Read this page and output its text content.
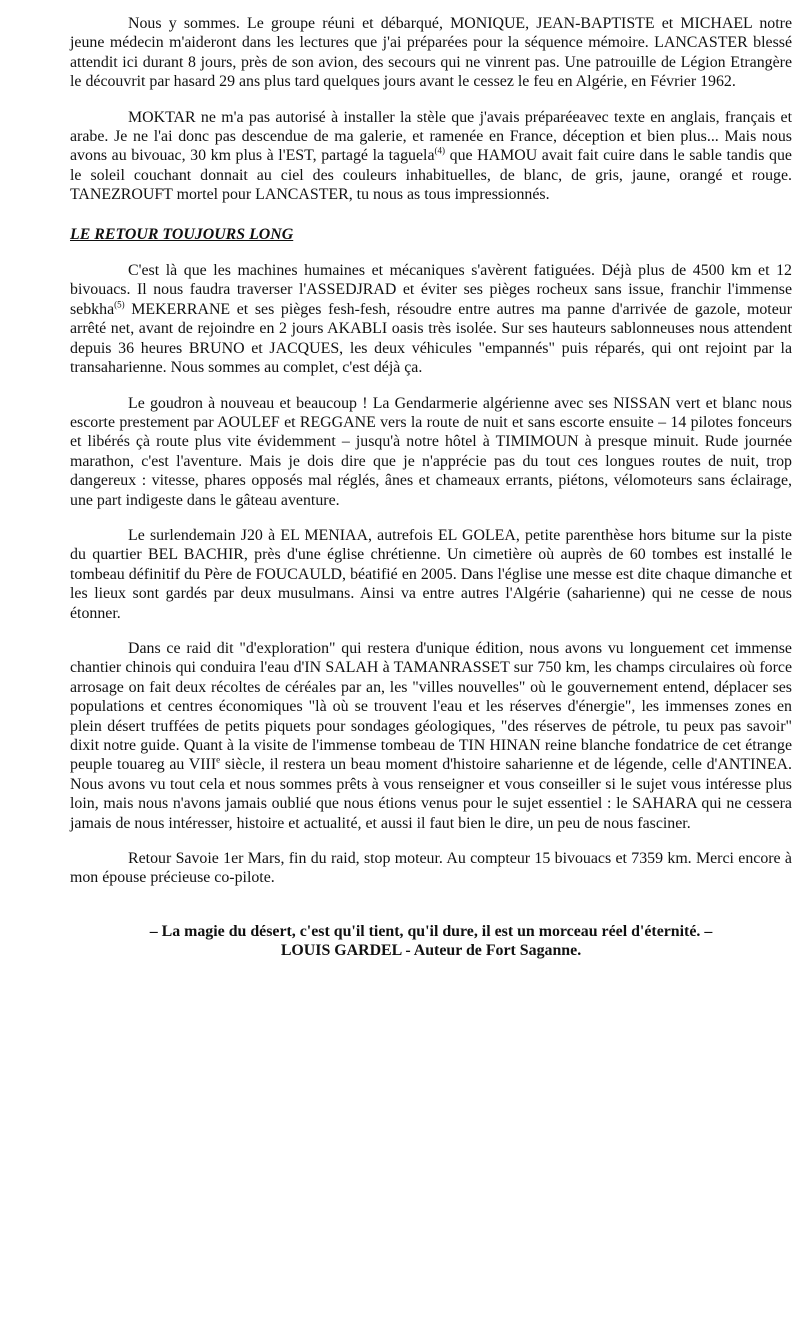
Nous y sommes. Le groupe réuni et débarqué, MONIQUE, JEAN-BAPTISTE et MICHAEL notre jeune médecin m'aideront dans les lectures que j'ai préparées pour la séquence mémoire. LANCASTER blessé attendit ici durant 8 jours, près de son avion, des secours qui ne vinrent pas. Une patrouille de Légion Etrangère le découvrit par hasard 29 ans plus tard quelques jours avant le cessez le feu en Algérie, en Février 1962.

MOKTAR ne m'a pas autorisé à installer la stèle que j'avais préparéeavec texte en anglais, français et arabe. Je ne l'ai donc pas descendue de ma galerie, et ramenée en France, déception et bien plus... Mais nous avons au bivouac, 30 km plus à l'EST, partagé la taguela$^{(4)}$ que HAMOU avait fait cuire dans le sable tandis que le soleil couchant donnait au ciel des couleurs inhabituelles, de blanc, de gris, jaune, orangé et rouge. TANEZROUFT mortel pour LANCASTER, tu nous as tous impressionnés.

LE RETOUR TOUJOURS LONG

C'est là que les machines humaines et mécaniques s'avèrent fatiguées. Déjà plus de 4500 km et 12 bivouacs. Il nous faudra traverser l'ASSEDJRAD et éviter ses pièges rocheux sans issue, franchir l'immense sebkha$^{(5)}$ MEKERRANE et ses pièges fesh-fesh, résoudre entre autres ma panne d'arrivée de gazole, moteur arrêté net, avant de rejoindre en 2 jours AKABLI oasis très isolée. Sur ses hauteurs sablonneuses nous attendent depuis 36 heures BRUNO et JACQUES, les deux véhicules "empannés" puis réparés, qui ont rejoint par la transaharienne. Nous sommes au complet, c'est déjà ça.

Le goudron à nouveau et beaucoup ! La Gendarmerie algérienne avec ses NISSAN vert et blanc nous escorte prestement par AOULEF et REGGANE vers la route de nuit et sans escorte ensuite – 14 pilotes fonceurs et libérés çà route plus vite évidemment – jusqu'à notre hôtel à TIMIMOUN à presque minuit. Rude journée marathon, c'est l'aventure. Mais je dois dire que je n'apprécie pas du tout ces longues routes de nuit, trop dangereux : vitesse, phares opposés mal réglés, ânes et chameaux errants, piétons, vélomoteurs sans éclairage, une part indigeste dans le gâteau aventure.

Le surlendemain J20 à EL MENIAA, autrefois EL GOLEA, petite parenthèse hors bitume sur la piste du quartier BEL BACHIR, près d'une église chrétienne. Un cimetière où auprès de 60 tombes est installé le tombeau définitif du Père de FOUCAULD, béatifié en 2005. Dans l'église une messe est dite chaque dimanche et les lieux sont gardés par deux musulmans. Ainsi va entre autres l'Algérie (saharienne) qui ne cesse de nous étonner.

Dans ce raid dit "d'exploration" qui restera d'unique édition, nous avons vu longuement cet immense chantier chinois qui conduira l'eau d'IN SALAH à TAMANRASSET sur 750 km, les champs circulaires où force arrosage on fait deux récoltes de céréales par an, les "villes nouvelles" où le gouvernement entend, déplacer ses populations et centres économiques "là où se trouvent l'eau et les réserves d'énergie", les immenses zones en plein désert truffées de petits piquets pour sondages géologiques, "des réserves de pétrole, tu peux pas savoir" dixit notre guide. Quant à la visite de l'immense tombeau de TIN HINAN reine blanche fondatrice de cet étrange peuple touareg au VIIIe siècle, il restera un beau moment d'histoire saharienne et de légende, celle d'ANTINEA. Nous avons vu tout cela et nous sommes prêts à vous renseigner et vous conseiller si le sujet vous intéresse plus loin, mais nous n'avons jamais oublié que nous étions venus pour le sujet essentiel : le SAHARA qui ne cessera jamais de nous intéresser, histoire et actualité, et aussi il faut bien le dire, un peu de nous fasciner.

Retour Savoie 1er Mars, fin du raid, stop moteur. Au compteur 15 bivouacs et 7359 km. Merci encore à mon épouse précieuse co-pilote.

– La magie du désert, c'est qu'il tient, qu'il dure, il est un morceau réel d'éternité. –

LOUIS GARDEL - Auteur de Fort Saganne.
